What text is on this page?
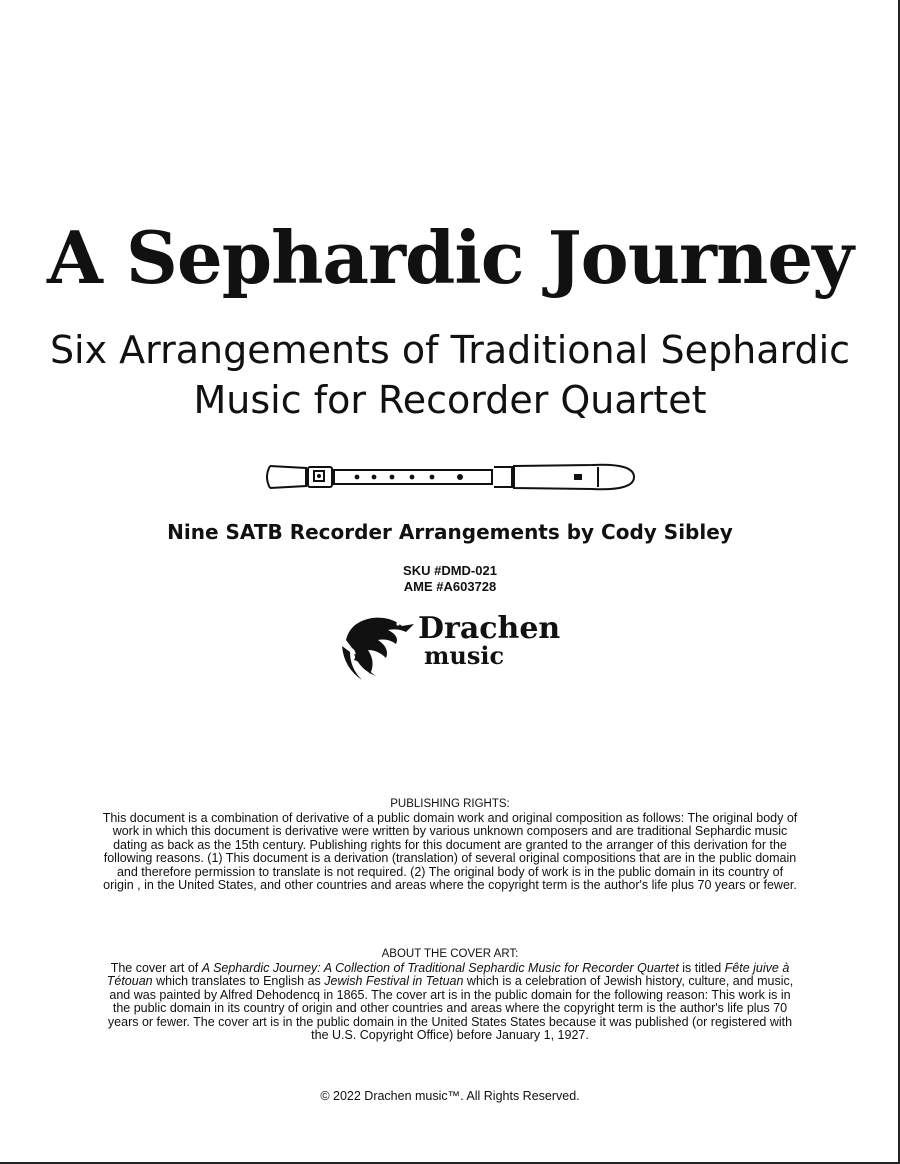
A Sephardic Journey
Six Arrangements of Traditional Sephardic
Music for Recorder Quartet
Nine SATB Recorder Arrangements by Cody Sibley
SKU #DMD-021
AME #A603728
Drachen
music
PUBLISHING RIGHTS:
This document is a combination of derivative of a public domain work and original composition as follows: The original body of work in which this document is derivative were written by various unknown composers and are traditional Sephardic music dating as back as the 15th century. Publishing rights for this document are granted to the arranger of this derivation for the following reasons. (1) This document is a derivation (translation) of several original compositions that are in the public domain and therefore permission to translate is not required. (2) The original body of work is in the public domain in its country of origin , in the United States, and other countries and areas where the copyright term is the author's life plus 70 years or fewer.
ABOUT THE COVER ART:
The cover art of A Sephardic Journey: A Collection of Traditional Sephardic Music for Recorder Quartet is titled Fête juive à Tétouan which translates to English as Jewish Festival in Tetuan which is a celebration of Jewish history, culture, and music, and was painted by Alfred Dehodencq in 1865. The cover art is in the public domain for the following reason: This work is in the public domain in its country of origin and other countries and areas where the copyright term is the author's life plus 70 years or fewer. The cover art is in the public domain in the United States States because it was published (or registered with the U.S. Copyright Office) before January 1, 1927.
© 2022 Drachen music™. All Rights Reserved.
